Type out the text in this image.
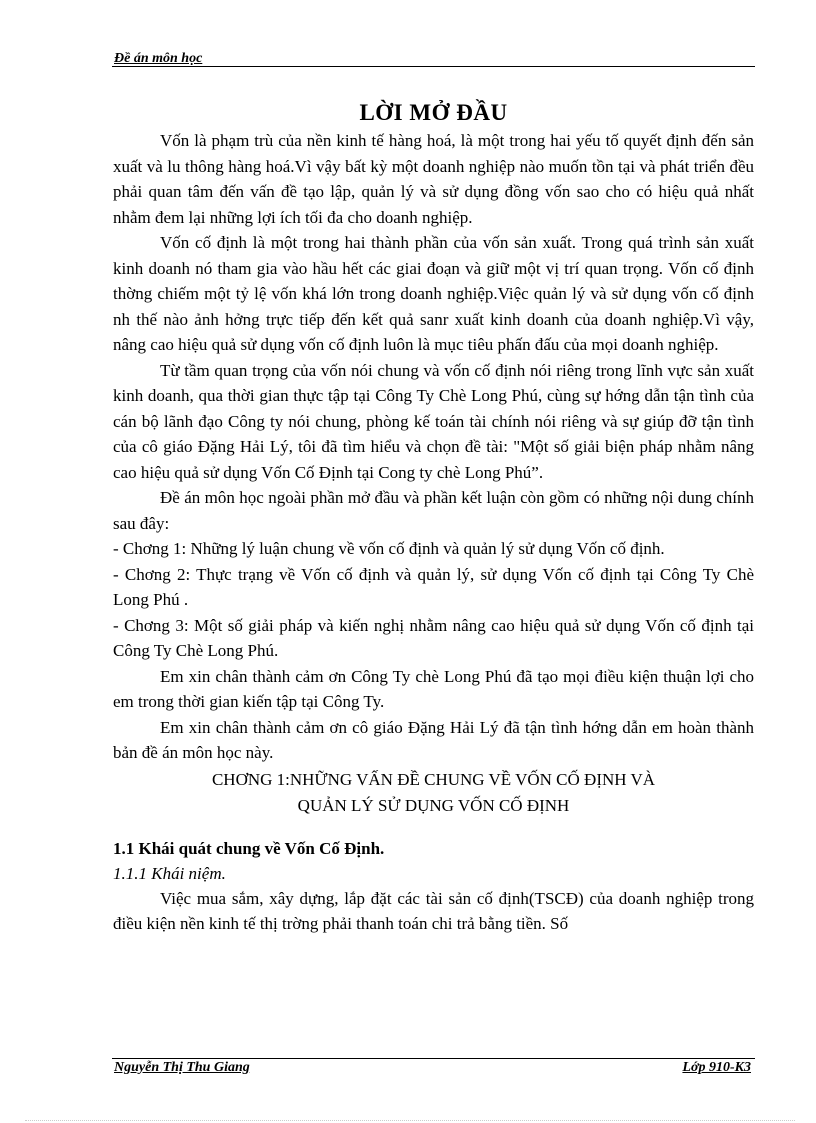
Đề án môn học
LỜI MỞ ĐẦU

Vốn là phạm trù của nền kinh tế hàng hoá, là một trong hai yếu tố quyết định đến sản xuất và lu thông hàng hoá.Vì vậy bất kỳ một doanh nghiệp nào muốn tồn tại và phát triển đều phải quan tâm đến vấn đề tạo lập, quản lý và sử dụng đồng vốn sao cho có hiệu quả nhất nhằm đem lại những lợi ích tối đa cho doanh nghiệp.

Vốn cố định là một trong hai thành phần của vốn sản xuất. Trong quá trình sản xuất kinh doanh nó tham gia vào hầu hết các giai đoạn và giữ một vị trí quan trọng. Vốn cố định thờng chiếm một tỷ lệ vốn khá lớn trong doanh nghiệp.Việc quản lý và sử dụng vốn cố định nh thế nào ảnh hởng trực tiếp đến kết quả sanr xuất kinh doanh của doanh nghiệp.Vì vậy, nâng cao hiệu quả sử dụng vốn cố định luôn là mục tiêu phấn đấu của mọi doanh nghiệp.

Từ tầm quan trọng của vốn nói chung và vốn cố định nói riêng trong lĩnh vực sản xuất kinh doanh, qua thời gian thực tập tại Công Ty Chè Long Phú, cùng sự hớng dẫn tận tình của cán bộ lãnh đạo Công ty nói chung, phòng kế toán tài chính nói riêng và sự giúp đỡ tận tình của cô giáo Đặng Hải Lý, tôi đã tìm hiểu và chọn đề tài: "Một số giải biện pháp nhằm nâng cao hiệu quả sử dụng Vốn Cố Định tại Cong ty chè Long Phú”.

Đề án môn học ngoài phần mở đầu và phần kết luận còn gồm có những nội dung chính sau đây:

- Chơng 1: Những lý luận chung về vốn cố định và quản lý sử dụng Vốn cố định.

- Chơng 2: Thực trạng về Vốn cố định và quản lý, sử dụng Vốn cố định tại Công Ty Chè Long Phú .

- Chơng 3: Một số giải pháp và kiến nghị nhằm nâng cao hiệu quả sử dụng Vốn cố định tại Công Ty Chè Long Phú.

Em xin chân thành cảm ơn Công Ty chè Long Phú đã tạo mọi điều kiện thuận lợi cho em trong thời gian kiến tập tại Công Ty.

Em xin chân thành cảm ơn cô giáo Đặng Hải Lý đã tận tình hớng dẫn em hoàn thành bản đề án môn học này.

CHƠNG 1:NHỮNG VẤN ĐỀ CHUNG VỀ VỐN CỐ ĐỊNH VÀ
QUẢN LÝ SỬ DỤNG VỐN CỐ ĐỊNH
1.1 Khái quát chung về Vốn Cố Định.
1.1.1 Khái niệm.

Việc mua sắm, xây dựng, lắp đặt các tài sản cố định(TSCĐ) của doanh nghiệp trong điều kiện nền kinh tế thị trờng phải thanh toán chi trả bằng tiền. Số

Nguyễn Thị Thu Giang	Lớp 910-K3
